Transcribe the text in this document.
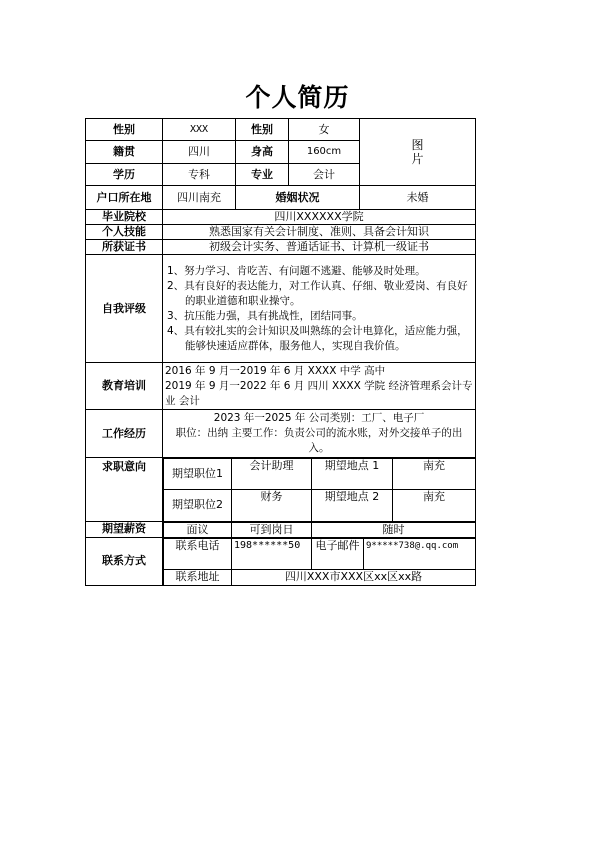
个人简历
性别	XXX	性别	女	图
片
籍贯	四川	身高	160cm
学历	专科	专业	会计
户口所在地	四川南充	婚姻状况	未婚
毕业院校	四川XXXXXX学院
个人技能	熟悉国家有关会计制度、准则、具备会计知识
所获证书	初级会计实务、普通话证书、计算机一级证书
自我评级	

1、努力学习、肯吃苦、有问题不逃避、能够及时处理。

2、具有良好的表达能力，对工作认真、仔细、敬业爱岗、有良好的职业道德和职业操守。

3、抗压能力强，具有挑战性，团结同事。

4、具有较扎实的会计知识及叫熟练的会计电算化，适应能力强，能够快速适应群体，服务他人，实现自我价值。

教育培训	

2016 年 9 月一2019 年 6 月 XXXX 中学 高中

2019 年 9 月一2022 年 6 月 四川 XXXX 学院 经济管理系会计专业 会计

工作经历	

2023 年一2025 年 公司类别：工厂、电子厂

职位：出纳 主要工作：负责公司的流水账，对外交接单子的出入。

求职意向	
期望职位1	会计助理	期望地点 1	南充
期望职位2	财务	期望地点 2	南充

期望薪资		面议	可到岗日	随时

联系方式	
联系电话	198******50	电子邮件	9*****738@.qq.com
联系地址	四川XXX市XXX区xx区xx路
